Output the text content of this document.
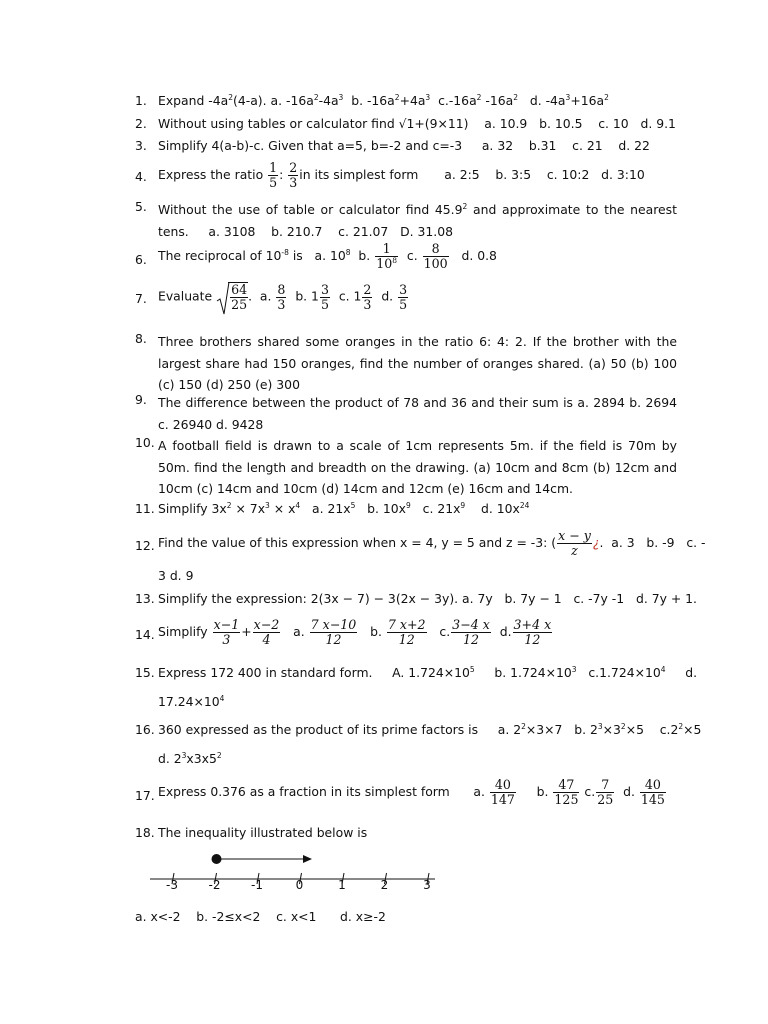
1. Expand $-4a^2(4-a)$. a. $-16a^2-4a^3$  b. $-16a^2+4a^3$  $c.-16a^2$ $-16a^2$   d. $-4a^3+16a^2$
2. Without using tables or calculator find √1+(9×11)    a. 10.9   b. 10.5    c. 10   d. 9.1
3. Simplify 4(a-b)-c. Given that a=5, b=-2 and c=-3     a. 32    b.31    c. 21    d. 22
4. Express the ratio $\frac{1}{5}$ : $\frac{2}{3}$ in its simplest form a. 2:5    b. 3:5    c. 10:2   d. 3:10
5. Without the use of table or calculator find 45.9$^2$ and approximate to the nearest
tens.     a. 3108    b. 210.7    c. 21.07   D. 31.08
6. The reciprocal of $10^{-8}$ is   a. $10^8$  b. $\frac{1}{10^8} c$. $\frac{8}{100} d$. 0.8
7. Evaluate $\frac{64}{25}$ .  a. $\frac{8}{3} b$. $1 \frac{3}{5} c$. $1 \frac{2}{3} d$. $\frac{3}{5}$
8. Three brothers shared some oranges in the ratio 6: 4: 2. If the brother with the largest share had 150 oranges, find the number of oranges shared. (a) 50 (b) 100 (c) 150 (d) 250 (e) 300
9. The difference between the product of 78 and 36 and their sum is a. 2894 b. 2694 c. 26940 d. 9428
10. A football field is drawn to a scale of 1cm represents 5m. if the field is 70m by 50m. find the length and breadth on the drawing. (a) 10cm and 8cm (b) 12cm and 10cm (c) 14cm and 10cm (d) 14cm and 12cm (e) 16cm and 14cm.
11. Simplify $3x^2 \times 7x^3 \times x^4$   a. $21x^5$   b. $10x^9$   c. $21x^9$    d. $10x^{24}$
12. Find the value of this expression when x = 4, y = 5 and z = -3: ( $\frac{x - y}{z}$ ¿.  a. 3   b. -9   c. -
3 d. 9
13. Simplify the expression: 2(3x − 7) − 3(2x − 3y). a. 7y   b. 7y − 1   c. -7y -1   d. 7y + 1.
14. Simplify $\frac{x-1}{3} + \frac{x-2}{4} a$. $\frac{7 x-10}{12} b$. $\frac{7 x+2}{12} c$. $\frac{3-4 x}{12} d$. $\frac{3+4 x}{12}$
15. Express 172 400 in standard form.     A. $1.724\times 10^5$     b. $1.724\times 10^3$   $c.1.724\times 10^4$     d.
$17.24\times 10^4$
16. 360 expressed as the product of its prime factors is     a. $2^2\times 3\times 7$   b. $2^3\times 3^2\times 5$    $c.2^2\times 5$
d. $2^3x3x5^2$
17. Express 0.376 as a fraction in its simplest form a. $\frac{40}{147} b$. $\frac{47}{125} c$. $\frac{7}{25} d$. $\frac{40}{145}$
18. The inequality illustrated below is
-3	-2	-1	0	1	2	3
a. x<-2    b. -2≤x<2    c. x<1      d. x≥-2
